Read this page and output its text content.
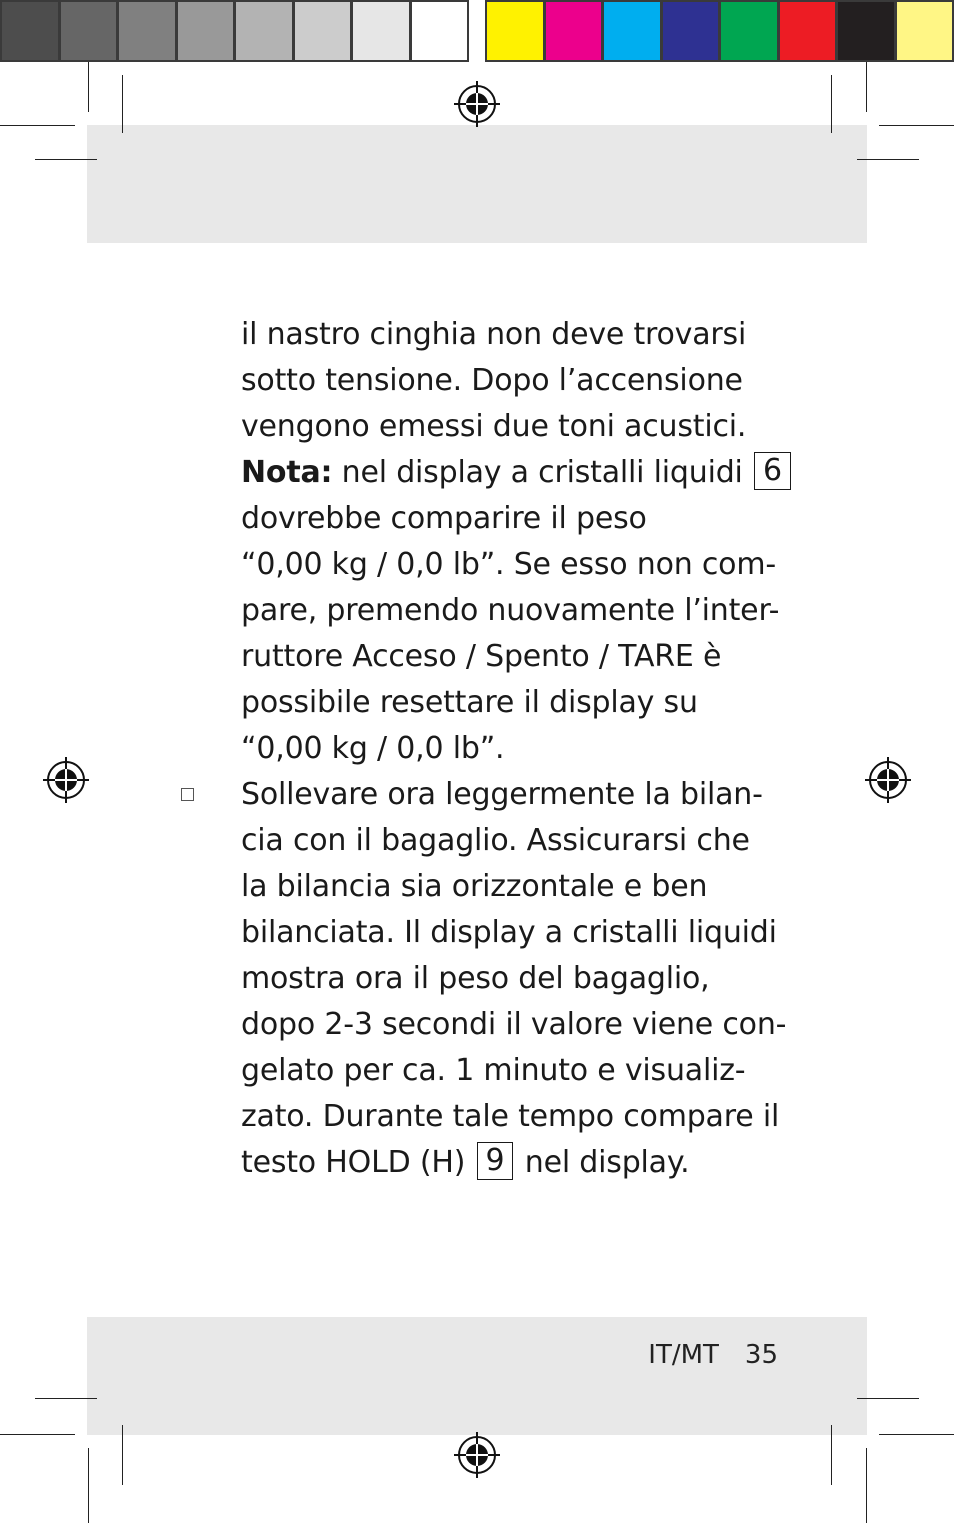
il nastro cinghia non deve trovarsi
sotto tensione. Dopo l’accensione
vengono emessi due toni acustici.
Nota: nel display a cristalli liquidi 6
dovrebbe comparire il peso
“0,00 kg / 0,0 lb”. Se esso non com-
pare, premendo nuovamente l’inter-
ruttore Acceso / Spento / TARE è
possibile resettare il display su
“0,00 kg / 0,0 lb”.
Sollevare ora leggermente la bilan-
cia con il bagaglio. Assicurarsi che
la bilancia sia orizzontale e ben
bilanciata. Il display a cristalli liquidi
mostra ora il peso del bagaglio,
dopo 2-3 secondi il valore viene con-
gelato per ca. 1 minuto e visualiz-
zato. Durante tale tempo compare il
testo HOLD (H) 9 nel display.
IT/MT 35
